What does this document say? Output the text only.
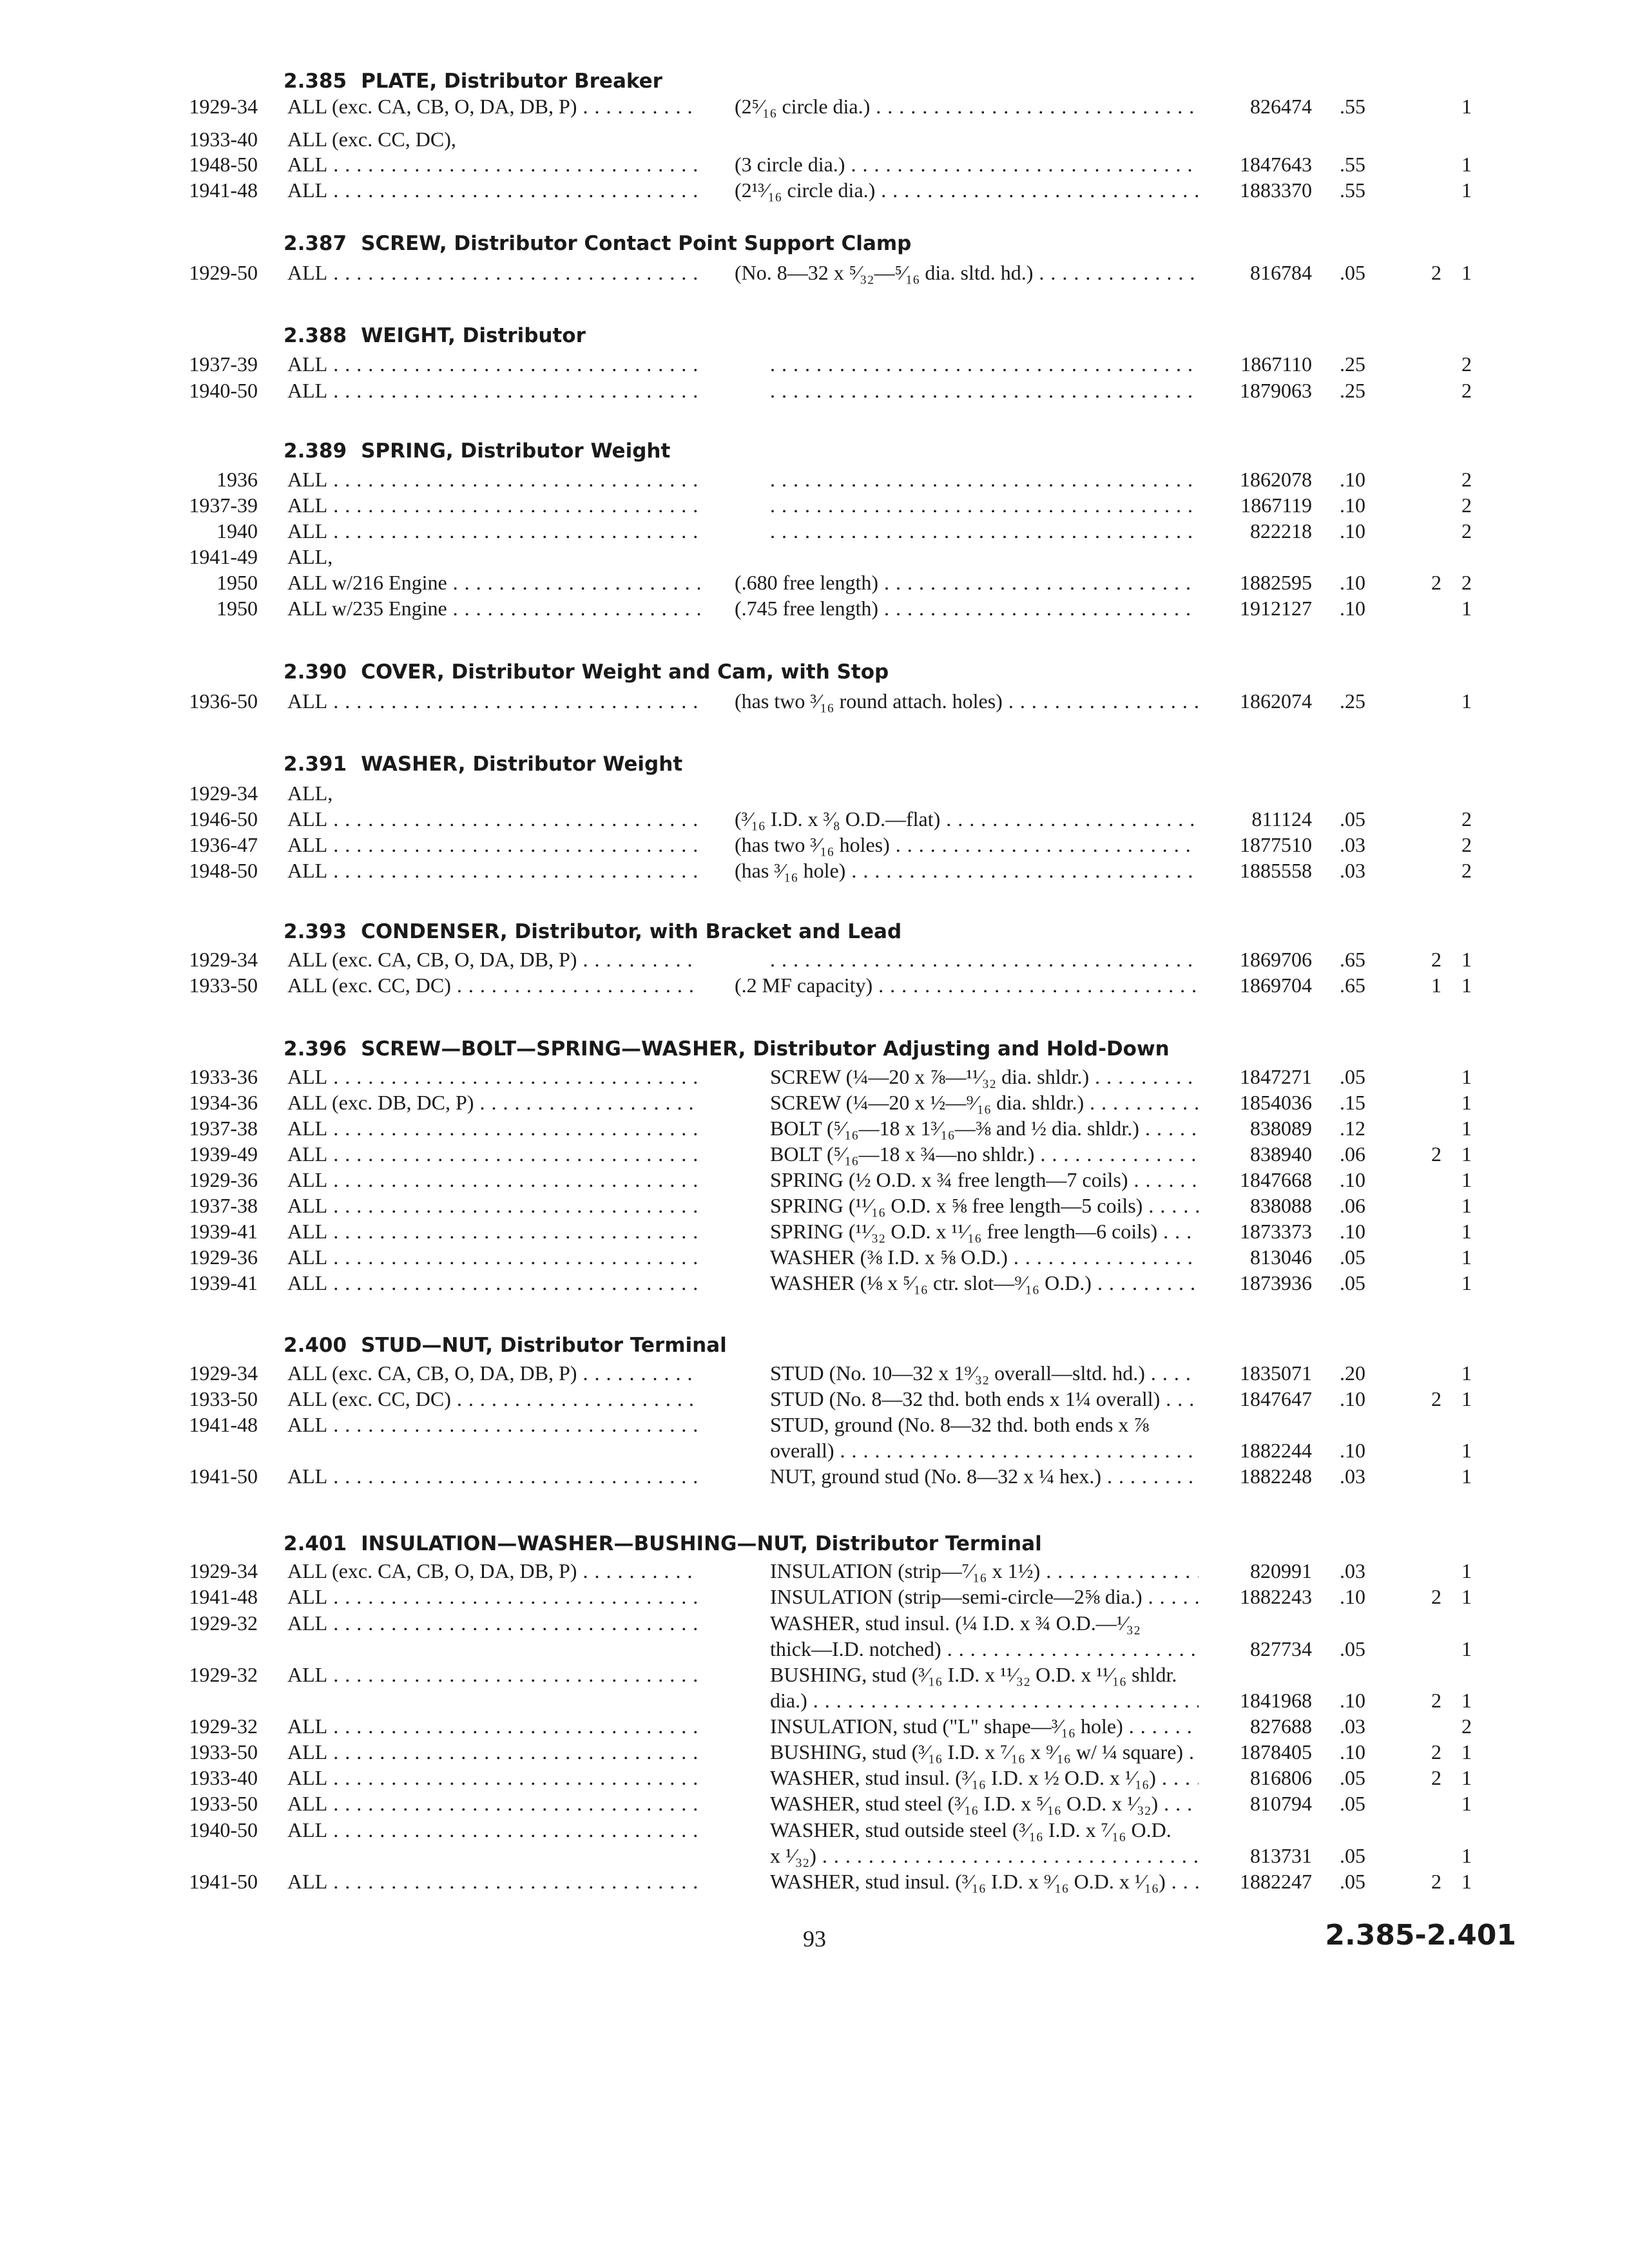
2.385 PLATE, Distributor Breaker
1929-34 ALL (exc. CA, CB, O, DA, DB, P) . . .	(2⁵⁄₁₆ circle dia.) . . .	826474 .55	1
1933-40 ALL (exc. CC, DC),
1948-50 ALL . . .	(3 circle dia.) . . .	1847643 .55	1
1941-48 ALL . . .	(2¹³⁄₁₆ circle dia.) . . .	1883370 .55	1
2.387 SCREW, Distributor Contact Point Support Clamp
1929-50 ALL . . .	(No. 8—32 x ⁵⁄₃₂—⁵⁄₁₆ dia. sltd. hd.) . . .	816784 .05	2 1
2.388 WEIGHT, Distributor
1937-39 ALL . . . . . .	1867110 .25	2
1940-50 ALL . . . . . .	1879063 .25	2
2.389 SPRING, Distributor Weight
1936 ALL . . . . . .	1862078 .10	2
1937-39 ALL . . . . . .	1867119 .10	2
1940 ALL . . . . . .	822218 .10	2
1941-49 ALL,
1950 ALL w/216 Engine . . .	(.680 free length) . . .	1882595 .10	2 2
1950 ALL w/235 Engine . . .	(.745 free length) . . .	1912127 .10	1
2.390 COVER, Distributor Weight and Cam, with Stop
1936-50 ALL . . .	(has two ³⁄₁₆ round attach. holes) . . .	1862074 .25	1
2.391 WASHER, Distributor Weight
1929-34 ALL,
1946-50 ALL . . .	(³⁄₁₆ I.D. x ³⁄₈ O.D.—flat) . . .	811124 .05	2
1936-47 ALL . . .	(has two ³⁄₁₆ holes) . . .	1877510 .03	2
1948-50 ALL . . .	(has ³⁄₁₆ hole) . . .	1885558 .03	2
2.393 CONDENSER, Distributor, with Bracket and Lead
1929-34 ALL (exc. CA, CB, O, DA, DB, P) . . . . . .	1869706 .65	2 1
1933-50 ALL (exc. CC, DC) . . .	(.2 MF capacity) . . .	1869704 .65	1 1
2.396 SCREW—BOLT—SPRING—WASHER, Distributor Adjusting and Hold-Down
1933-36 ALL . . .	SCREW (¼—20 x ⅞—¹¹⁄₃₂ dia. shldr.) . . .	1847271 .05	1
1934-36 ALL (exc. DB, DC, P) . . .	SCREW (¼—20 x ½—⁹⁄₁₆ dia. shldr.) . . .	1854036 .15	1
1937-38 ALL . . .	BOLT (⁵⁄₁₆—18 x 1³⁄₁₆—⅜ and ½ dia. shldr.) . . .	838089 .12	1
1939-49 ALL . . .	BOLT (⁵⁄₁₆—18 x ¾—no shldr.) . . .	838940 .06	2 1
1929-36 ALL . . .	SPRING (½ O.D. x ¾ free length—7 coils) . . .	1847668 .10	1
1937-38 ALL . . .	SPRING (¹¹⁄₁₆ O.D. x ⅝ free length—5 coils) . . .	838088 .06	1
1939-41 ALL . . .	SPRING (¹¹⁄₃₂ O.D. x ¹¹⁄₁₆ free length—6 coils) . . .	1873373 .10	1
1929-36 ALL . . .	WASHER (⅜ I.D. x ⅝ O.D.) . . .	813046 .05	1
1939-41 ALL . . .	WASHER (⅛ x ⁵⁄₁₆ ctr. slot—⁹⁄₁₆ O.D.) . . .	1873936 .05	1
2.400 STUD—NUT, Distributor Terminal
1929-34 ALL (exc. CA, CB, O, DA, DB, P) . . .	STUD (No. 10—32 x 1⁹⁄₃₂ overall—sltd. hd.) . . .	1835071 .20	1
1933-50 ALL (exc. CC, DC) . . .	STUD (No. 8—32 thd. both ends x 1¼ overall) . . .	1847647 .10	2 1
1941-48 ALL . . .	STUD, ground (No. 8—32 thd. both ends x ⅞
overall) . . .	1882244 .10	1
1941-50 ALL . . .	NUT, ground stud (No. 8—32 x ¼ hex.) . . .	1882248 .03	1
2.401 INSULATION—WASHER—BUSHING—NUT, Distributor Terminal
1929-34 ALL (exc. CA, CB, O, DA, DB, P) . . .	INSULATION (strip—⁷⁄₁₆ x 1½) . . .	820991 .03	1
1941-48 ALL . . .	INSULATION (strip—semi-circle—2⅝ dia.) . . .	1882243 .10	2 1
1929-32 ALL . . .	WASHER, stud insul. (¼ I.D. x ¾ O.D.—¹⁄₃₂
thick—I.D. notched) . . .	827734 .05	1
1929-32 ALL . . .	BUSHING, stud (³⁄₁₆ I.D. x ¹¹⁄₃₂ O.D. x ¹¹⁄₁₆ shldr.
dia.) . . .	1841968 .10	2 1
1929-32 ALL . . .	INSULATION, stud ("L" shape—³⁄₁₆ hole) . . .	827688 .03	2
1933-50 ALL . . .	BUSHING, stud (³⁄₁₆ I.D. x ⁷⁄₁₆ x ⁹⁄₁₆ w/ ¼ square) . . .	1878405 .10	2 1
1933-40 ALL . . .	WASHER, stud insul. (³⁄₁₆ I.D. x ½ O.D. x ¹⁄₁₆) . . .	816806 .05	2 1
1933-50 ALL . . .	WASHER, stud steel (³⁄₁₆ I.D. x ⁵⁄₁₆ O.D. x ¹⁄₃₂) . . .	810794 .05	1
1940-50 ALL . . .	WASHER, stud outside steel (³⁄₁₆ I.D. x ⁷⁄₁₆ O.D.
x ¹⁄₃₂) . . .	813731 .05	1
1941-50 ALL . . .	WASHER, stud insul. (³⁄₁₆ I.D. x ⁹⁄₁₆ O.D. x ¹⁄₁₆) . . .	1882247 .05	2 1
93	2.385-2.401
